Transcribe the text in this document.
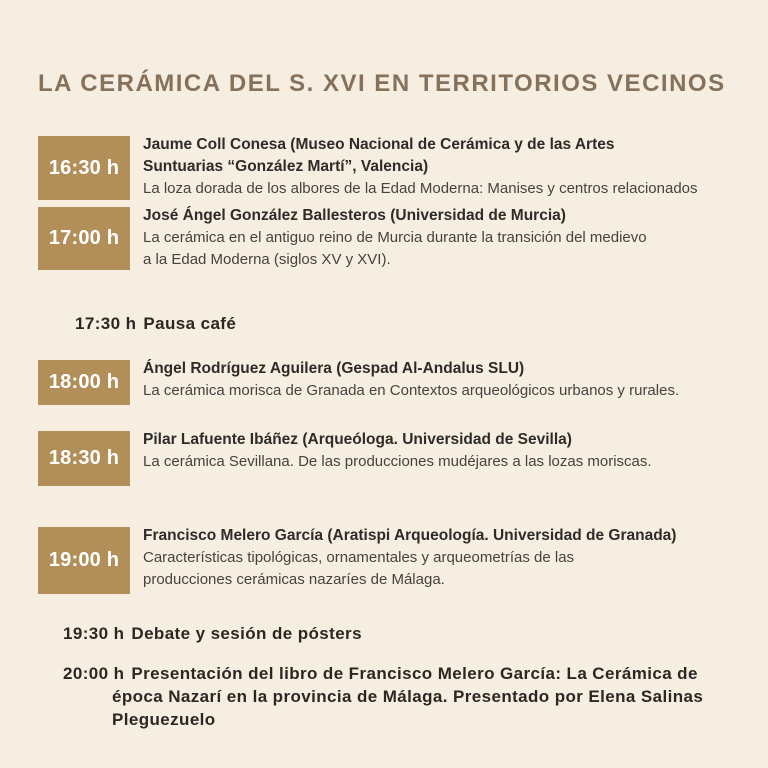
LA CERÁMICA DEL S. XVI EN TERRITORIOS VECINOS
16:30 h
Jaume Coll Conesa (Museo Nacional de Cerámica y de las Artes
Suntuarias “González Martí”, Valencia)
La loza dorada de los albores de la Edad Moderna: Manises y centros relacionados
17:00 h
José Ángel González Ballesteros (Universidad de Murcia)
La cerámica en el antiguo reino de Murcia durante la transición del medievo
a la Edad Moderna (siglos XV y XVI).
17:30 h Pausa café
18:00 h
Ángel Rodríguez Aguilera (Gespad Al-Andalus SLU)
La cerámica morisca de Granada en Contextos arqueológicos urbanos y rurales.
18:30 h
Pilar Lafuente Ibáñez (Arqueóloga. Universidad de Sevilla)
La cerámica Sevillana. De las producciones mudéjares a las lozas moriscas.
19:00 h
Francisco Melero García (Aratispi Arqueología. Universidad de Granada)
Características tipológicas, ornamentales y arqueometrías de las
producciones cerámicas nazaríes de Málaga.
19:30 h Debate y sesión de pósters
20:00 h Presentación del libro de Francisco Melero García: La Cerámica de
época Nazarí en la provincia de Málaga. Presentado por Elena Salinas
Pleguezuelo
